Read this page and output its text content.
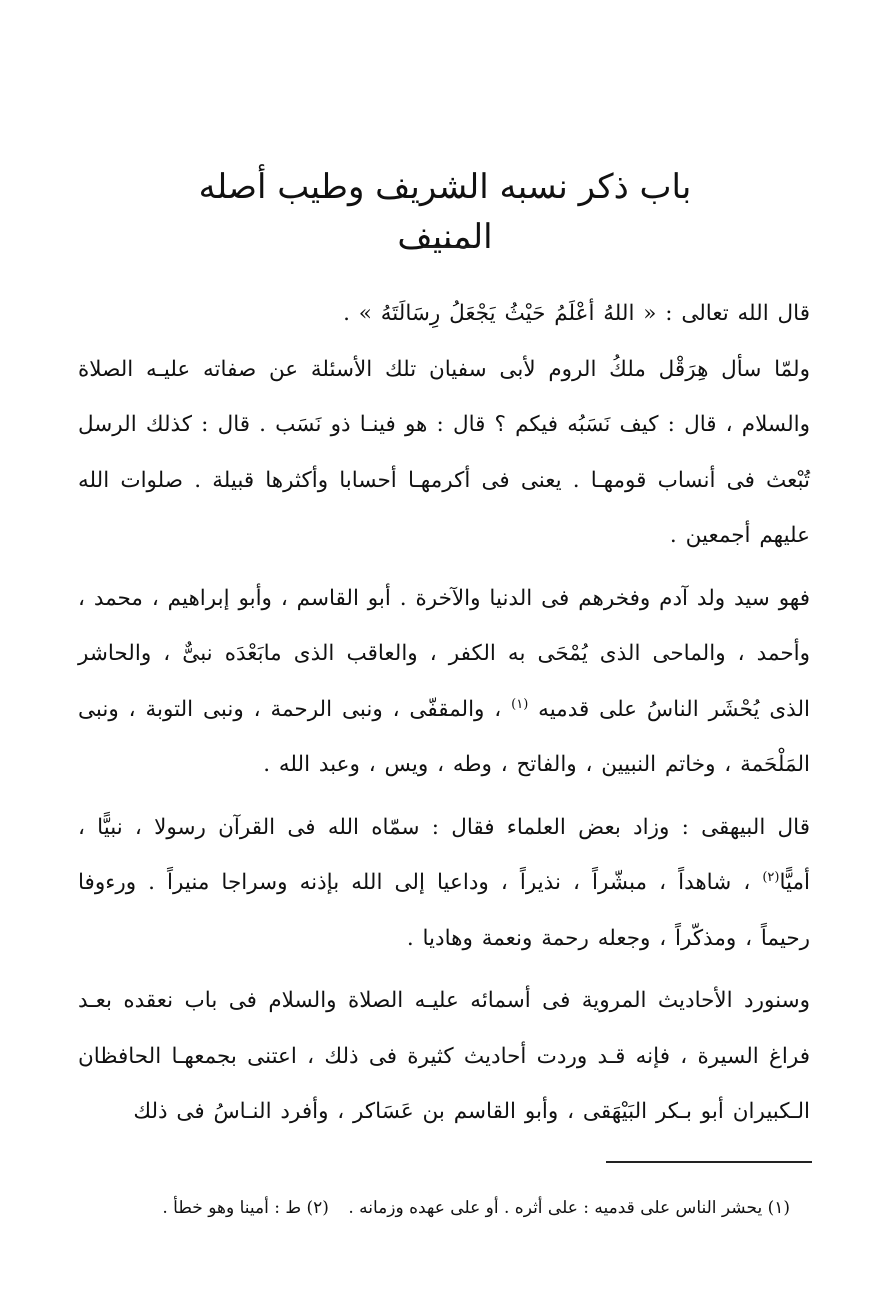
باب ذكر نسبه الشريف وطيب أصله المنيف

قال الله تعالى : « اللهُ أعْلَمُ حَيْثُ يَجْعَلُ رِسَالَتَهُ » .

ولمّا سأل هِرَقْل ملكُ الروم لأبى سفيان تلك الأسئلة عن صفاته عليـه الصلاة والسلام ، قال : كيف نَسَبُه فيكم ؟ قال : هو فينـا ذو نَسَب . قال : كذلك الرسل تُبْعث فى أنساب قومهـا . يعنى فى أكرمهـا أحسابا وأكثرها قبيلة . صلوات الله عليهم أجمعين .

فهو سيد ولد آدم وفخرهم فى الدنيا والآخرة . أبو القاسم ، وأبو إبراهيم ، محمد ، وأحمد ، والماحى الذى يُمْحَى به الكفر ، والعاقب الذى مابَعْدَه نبىٌّ ، والحاشر الذى يُحْشَر الناسُ على قدميه $^{(١)}$ ، والمقفّى ، ونبى الرحمة ، ونبى التوبة ، ونبى المَلْحَمة ، وخاتم النبيين ، والفاتح ، وطه ، ويس ، وعبد الله .

قال البيهقى : وزاد بعض العلماء فقال : سمّاه الله فى القرآن رسولا ، نبيًّا ، أميًّا$^{(٢)}$ ، شاهداً ، مبشّراً ، نذيراً ، وداعيا إلى الله بإذنه وسراجا منيراً . ورءوفا رحيماً ، ومذكّراً ، وجعله رحمة ونعمة وهاديا .

وسنورد الأحاديث المروية فى أسمائه عليـه الصلاة والسلام فى باب نعقده بعـد فراغ السيرة ، فإنه قـد وردت أحاديث كثيرة فى ذلك ، اعتنى بجمعهـا الحافظان الـكبيران أبو بـكر البَيْهَقى ، وأبو القاسم بن عَسَاكر ، وأفرد النـاسُ فى ذلك

(١) يحشر الناس على قدميه : على أثره . أو على عهده وزمانه . (٢) ط : أمينا وهو خطأ .
